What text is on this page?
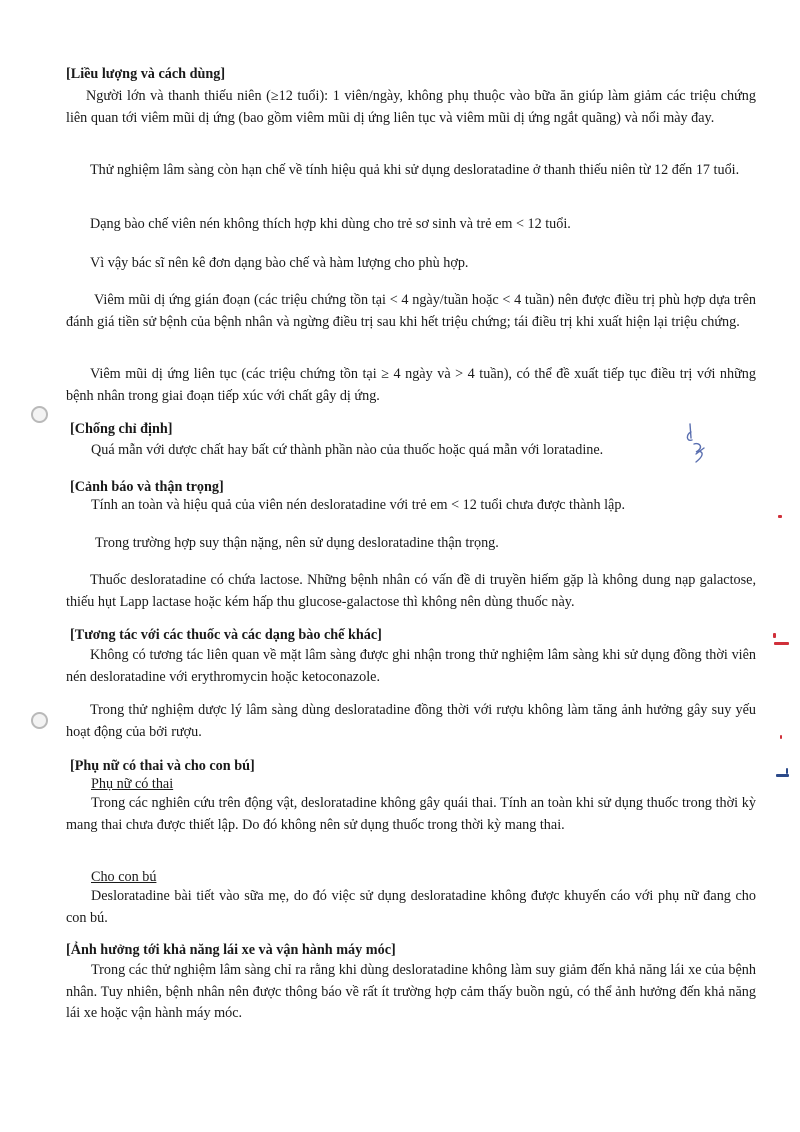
[Liều lượng và cách dùng]

Người lớn và thanh thiếu niên (≥12 tuổi): 1 viên/ngày, không phụ thuộc vào bữa ăn giúp làm giảm các triệu chứng liên quan tới viêm mũi dị ứng (bao gồm viêm mũi dị ứng liên tục và viêm mũi dị ứng ngắt quãng) và nổi mày đay.

Thử nghiệm lâm sàng còn hạn chế về tính hiệu quả khi sử dụng desloratadine ở thanh thiếu niên từ 12 đến 17 tuổi.

Dạng bào chế viên nén không thích hợp khi dùng cho trẻ sơ sinh và trẻ em < 12 tuổi.

Vì vậy bác sĩ nên kê đơn dạng bào chế và hàm lượng cho phù hợp.

Viêm mũi dị ứng gián đoạn (các triệu chứng tồn tại < 4 ngày/tuần hoặc < 4 tuần) nên được điều trị phù hợp dựa trên đánh giá tiền sử bệnh của bệnh nhân và ngừng điều trị sau khi hết triệu chứng; tái điều trị khi xuất hiện lại triệu chứng.

Viêm mũi dị ứng liên tục (các triệu chứng tồn tại ≥ 4 ngày và > 4 tuần), có thể đề xuất tiếp tục điều trị với những bệnh nhân trong giai đoạn tiếp xúc với chất gây dị ứng.

[Chống chỉ định]

Quá mẫn với dược chất hay bất cứ thành phần nào của thuốc hoặc quá mẫn với loratadine.

[Cảnh báo và thận trọng]

Tính an toàn và hiệu quả của viên nén desloratadine với trẻ em < 12 tuổi chưa được thành lập.

Trong trường hợp suy thận nặng, nên sử dụng desloratadine thận trọng.

Thuốc desloratadine có chứa lactose. Những bệnh nhân có vấn đề di truyền hiếm gặp là không dung nạp galactose, thiếu hụt Lapp lactase hoặc kém hấp thu glucose-galactose thì không nên dùng thuốc này.

[Tương tác với các thuốc và các dạng bào chế khác]

Không có tương tác liên quan về mặt lâm sàng được ghi nhận trong thử nghiệm lâm sàng khi sử dụng đồng thời viên nén desloratadine với erythromycin hoặc ketoconazole.

Trong thử nghiệm dược lý lâm sàng dùng desloratadine đồng thời với rượu không làm tăng ảnh hưởng gây suy yếu hoạt động của bởi rượu.

[Phụ nữ có thai và cho con bú]

Phụ nữ có thai

Trong các nghiên cứu trên động vật, desloratadine không gây quái thai. Tính an toàn khi sử dụng thuốc trong thời kỳ mang thai chưa được thiết lập. Do đó không nên sử dụng thuốc trong thời kỳ mang thai.

Cho con bú

Desloratadine bài tiết vào sữa mẹ, do đó việc sử dụng desloratadine không được khuyến cáo với phụ nữ đang cho con bú.

[Ảnh hưởng tới khả năng lái xe và vận hành máy móc]

Trong các thử nghiệm lâm sàng chỉ ra rằng khi dùng desloratadine không làm suy giảm đến khả năng lái xe của bệnh nhân. Tuy nhiên, bệnh nhân nên được thông báo về rất ít trường hợp cảm thấy buồn ngủ, có thể ảnh hưởng đến khả năng lái xe hoặc vận hành máy móc.
